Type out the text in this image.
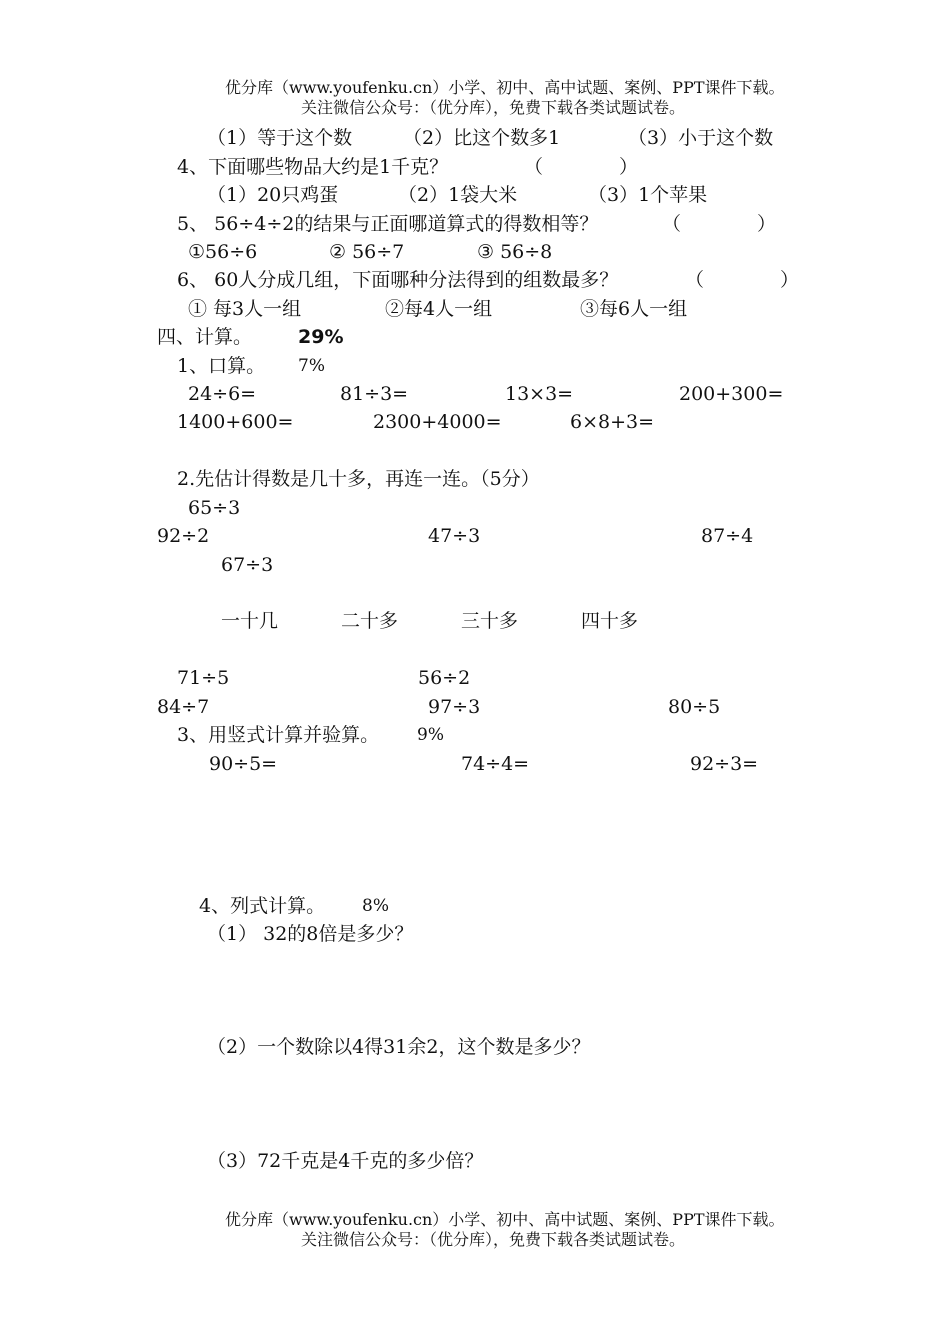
优分库（www.youfenku.cn）小学、初中、高中试题、案例、PPT课件下载。
关注微信公众号：（优分库），免费下载各类试题试卷。
（1）等于这个数	（2）比这个数多1	（3）小于这个数
4、下面哪些物品大约是1千克？	（　　　　）
（1）20只鸡蛋	（2）1袋大米	（3）1个苹果
5、 56÷4÷2的结果与正面哪道算式的得数相等？	（　　　　）
①56÷6	② 56÷7	③ 56÷8
6、 60人分成几组，下面哪种分法得到的组数最多？	（　　　　）
① 每3人一组	②每4人一组	③每6人一组
四、计算。 29%
1、口算。 7%
24÷6=	81÷3=	13×3=	200+300=
1400+600=	2300+4000=	6×8+3=
2.先估计得数是几十多，再连一连。（5分）
65÷3
92÷2	47÷3	87÷4
67÷3
一十几	二十多	三十多	四十多
71÷5	56÷2
84÷7	97÷3	80÷5
3、用竖式计算并验算。 9%
90÷5=	74÷4=	92÷3=
4、列式计算。 8%
（1） 32的8倍是多少？
（2）一个数除以4得31余2，这个数是多少？
（3）72千克是4千克的多少倍？
优分库（www.youfenku.cn）小学、初中、高中试题、案例、PPT课件下载。
关注微信公众号：（优分库），免费下载各类试题试卷。
